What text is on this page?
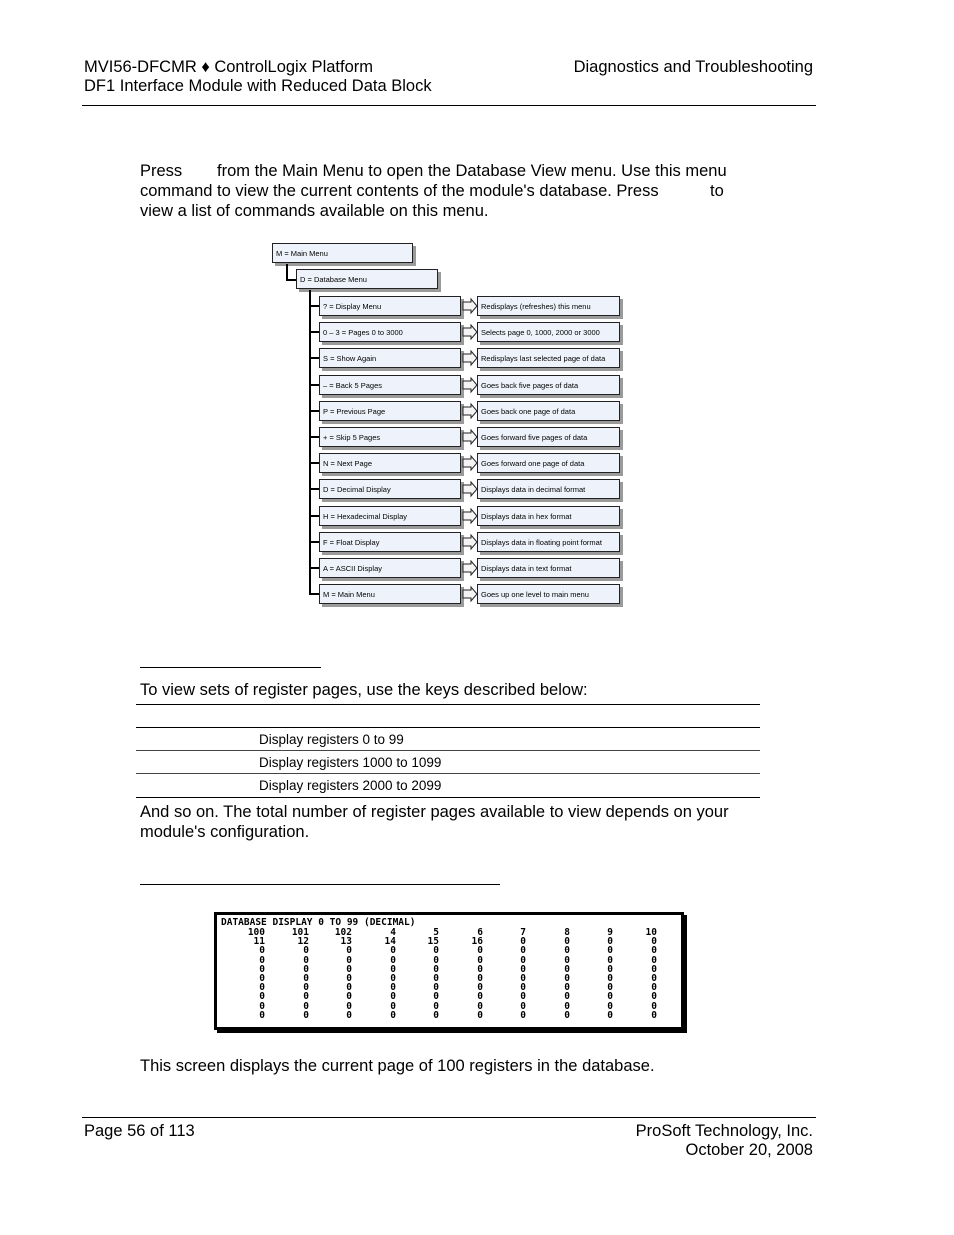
MVI56-DFCMR ♦ ControlLogix Platform
DF1 Interface Module with Reduced Data Block
Diagnostics and Troubleshooting
Press from the Main Menu to open the Database View menu. Use this menu
command to view the current contents of the module's database. Press	to
view a list of commands available on this menu.
M = Main Menu
D = Database Menu
? = Display Menu	Redisplays (refreshes) this menu
0 – 3 = Pages 0 to 3000	Selects page 0, 1000, 2000 or 3000
S = Show Again	Redisplays last selected page of data
– = Back 5 Pages	Goes back five pages of data
P = Previous Page	Goes back one page of data
+ = Skip 5 Pages	Goes forward five pages of data
N = Next Page	Goes forward one page of data
D = Decimal Display	Displays data in decimal format
H = Hexadecimal Display	Displays data in hex format
F = Float Display	Displays data in floating point format
A = ASCII Display	Displays data in text format
M = Main Menu	Goes up one level to main menu
To view sets of register pages, use the keys described below:
Display registers 0 to 99
Display registers 1000 to 1099
Display registers 2000 to 2099
And so on. The total number of register pages available to view depends on your
module's configuration.
DATABASE DISPLAY 0 TO 99 (DECIMAL)
100	101	102	4	5	6	7	8	9	10
11	12	13	14	15	16	0	0	0	0
0	0	0	0	0	0	0	0	0	0
0	0	0	0	0	0	0	0	0	0
0	0	0	0	0	0	0	0	0	0
0	0	0	0	0	0	0	0	0	0
0	0	0	0	0	0	0	0	0	0
0	0	0	0	0	0	0	0	0	0
0	0	0	0	0	0	0	0	0	0
0	0	0	0	0	0	0	0	0	0
This screen displays the current page of 100 registers in the database.
Page 56 of 113	ProSoft Technology, Inc.
October 20, 2008
